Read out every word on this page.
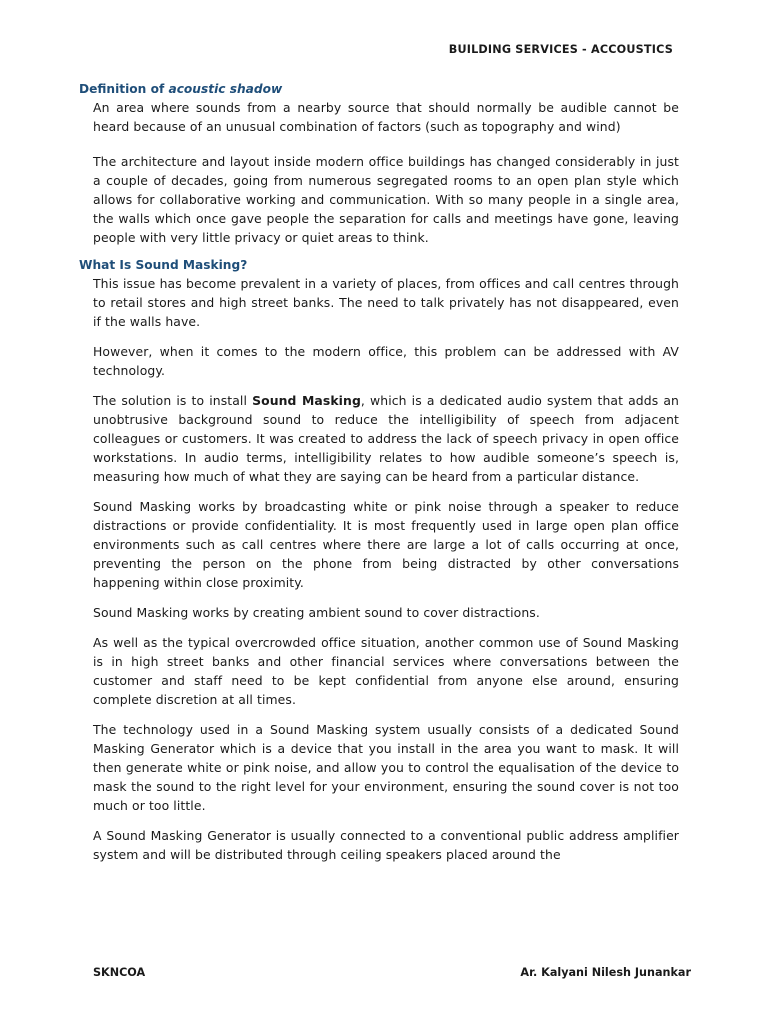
BUILDING SERVICES - ACCOUSTICS

Definition of acoustic shadow

An area where sounds from a nearby source that should normally be audible cannot be heard because of an unusual combination of factors (such as topography and wind)

The architecture and layout inside modern office buildings has changed considerably in just a couple of decades, going from numerous segregated rooms to an open plan style which allows for collaborative working and communication. With so many people in a single area, the walls which once gave people the separation for calls and meetings have gone, leaving people with very little privacy or quiet areas to think.

What Is Sound Masking?

This issue has become prevalent in a variety of places, from offices and call centres through to retail stores and high street banks. The need to talk privately has not disappeared, even if the walls have.

However, when it comes to the modern office, this problem can be addressed with AV technology.

The solution is to install Sound Masking, which is a dedicated audio system that adds an unobtrusive background sound to reduce the intelligibility of speech from adjacent colleagues or customers. It was created to address the lack of speech privacy in open office workstations. In audio terms, intelligibility relates to how audible someone’s speech is, measuring how much of what they are saying can be heard from a particular distance.

Sound Masking works by broadcasting white or pink noise through a speaker to reduce distractions or provide confidentiality. It is most frequently used in large open plan office environments such as call centres where there are large a lot of calls occurring at once, preventing the person on the phone from being distracted by other conversations happening within close proximity.

Sound Masking works by creating ambient sound to cover distractions.

As well as the typical overcrowded office situation, another common use of Sound Masking is in high street banks and other financial services where conversations between the customer and staff need to be kept confidential from anyone else around, ensuring complete discretion at all times.

The technology used in a Sound Masking system usually consists of a dedicated Sound Masking Generator which is a device that you install in the area you want to mask. It will then generate white or pink noise, and allow you to control the equalisation of the device to mask the sound to the right level for your environment, ensuring the sound cover is not too much or too little.

A Sound Masking Generator is usually connected to a conventional public address amplifier system and will be distributed through ceiling speakers placed around the

SKNCOA	Ar. Kalyani Nilesh Junankar
